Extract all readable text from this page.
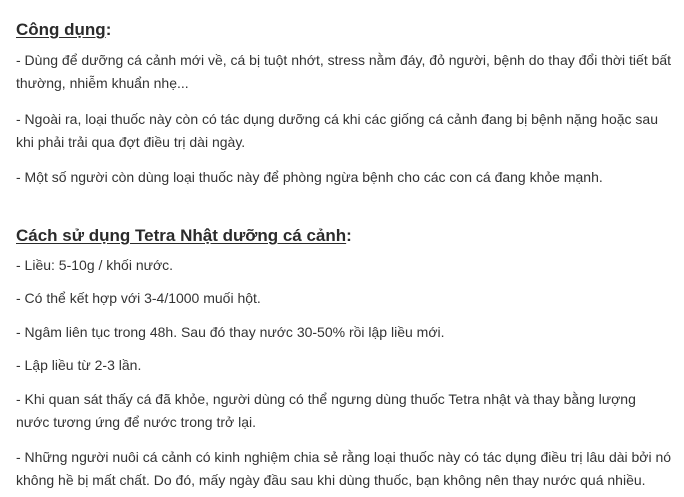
Công dụng:

- Dùng để dưỡng cá cảnh mới về, cá bị tuột nhớt, stress nằm đáy, đỏ người, bệnh do thay đổi thời tiết bất
thường, nhiễm khuẩn nhẹ...

- Ngoài ra, loại thuốc này còn có tác dụng dưỡng cá khi các giống cá cảnh đang bị bệnh nặng hoặc sau
khi phải trải qua đợt điều trị dài ngày.

- Một số người còn dùng loại thuốc này để phòng ngừa bệnh cho các con cá đang khỏe mạnh.

Cách sử dụng Tetra Nhật dưỡng cá cảnh:

- Liều: 5-10g / khối nước.

- Có thể kết hợp với 3-4/1000 muối hột.

- Ngâm liên tục trong 48h. Sau đó thay nước 30-50% rồi lập liều mới.

- Lập liều từ 2-3 lần.

- Khi quan sát thấy cá đã khỏe, người dùng có thể ngưng dùng thuốc Tetra nhật và thay bằng lượng
nước tương ứng để nước trong trở lại.

- Những người nuôi cá cảnh có kinh nghiệm chia sẻ rằng loại thuốc này có tác dụng điều trị lâu dài bởi nó
không hề bị mất chất. Do đó, mấy ngày đầu sau khi dùng thuốc, bạn không nên thay nước quá nhiều.
